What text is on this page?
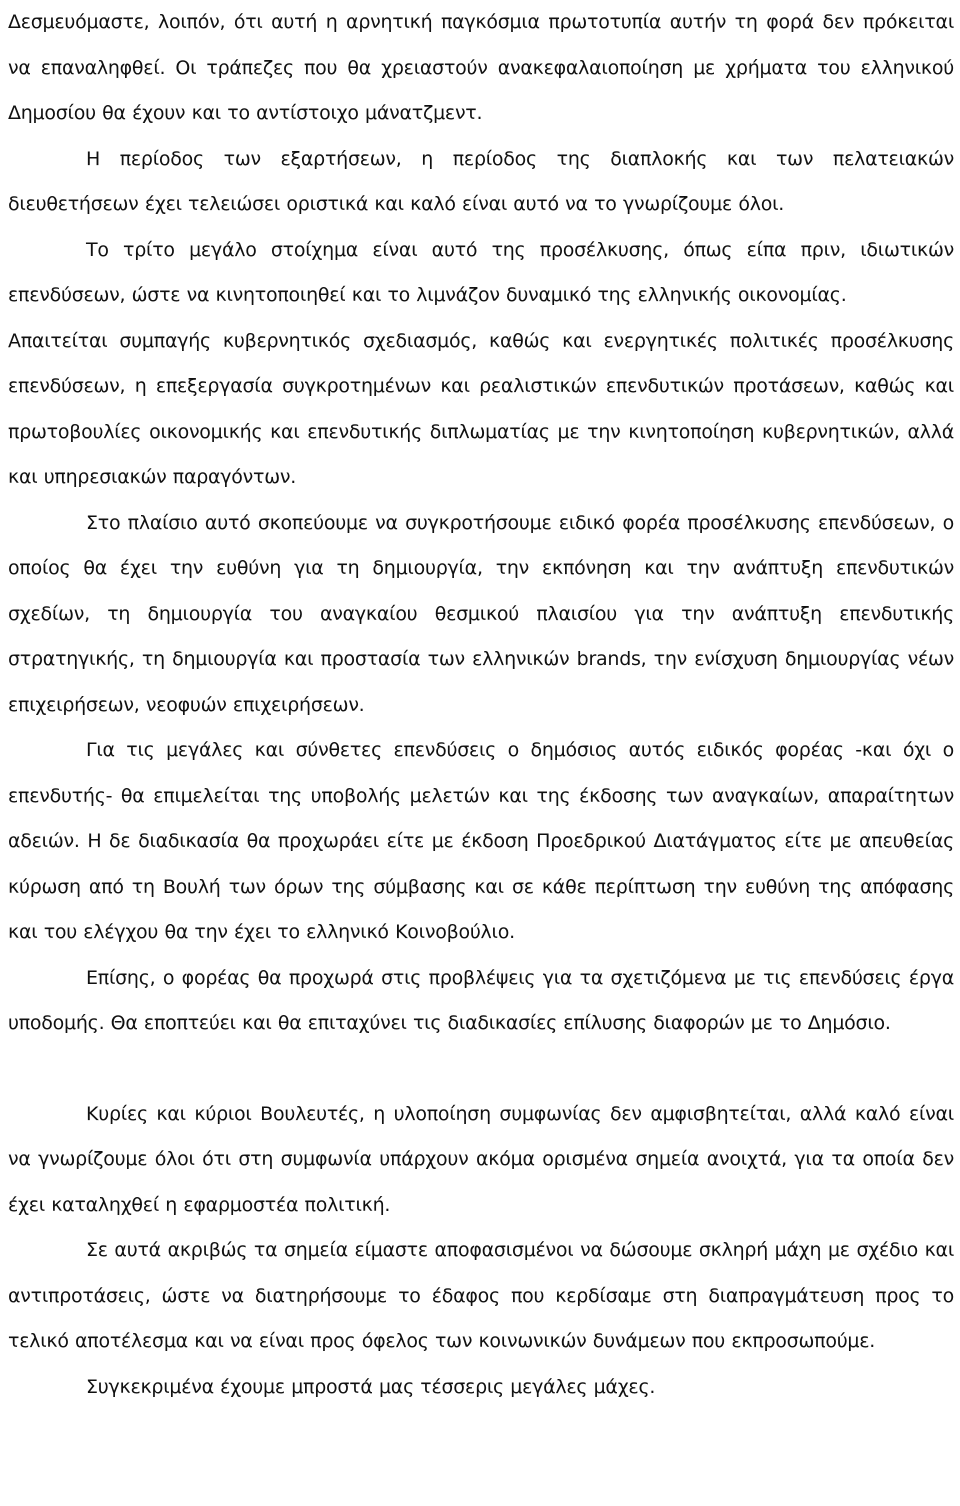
Δεσμευόμαστε, λοιπόν, ότι αυτή η αρνητική παγκόσμια πρωτοτυπία αυτήν τη φορά δεν πρόκειται να επαναληφθεί. Οι τράπεζες που θα χρειαστούν ανακεφαλαιοποίηση με χρήματα του ελληνικού Δημοσίου θα έχουν και το αντίστοιχο μάνατζμεντ.

Η περίοδος των εξαρτήσεων, η περίοδος της διαπλοκής και των πελατειακών διευθετήσεων έχει τελειώσει οριστικά και καλό είναι αυτό να το γνωρίζουμε όλοι.

Το τρίτο μεγάλο στοίχημα είναι αυτό της προσέλκυσης, όπως είπα πριν, ιδιωτικών επενδύσεων, ώστε να κινητοποιηθεί και το λιμνάζον δυναμικό της ελληνικής οικονομίας.

Απαιτείται συμπαγής κυβερνητικός σχεδιασμός, καθώς και ενεργητικές πολιτικές προσέλκυσης επενδύσεων, η επεξεργασία συγκροτημένων και ρεαλιστικών επενδυτικών προτάσεων, καθώς και πρωτοβουλίες οικονομικής και επενδυτικής διπλωματίας με την κινητοποίηση κυβερνητικών, αλλά και υπηρεσιακών παραγόντων.

Στο πλαίσιο αυτό σκοπεύουμε να συγκροτήσουμε ειδικό φορέα προσέλκυσης επενδύσεων, ο οποίος θα έχει την ευθύνη για τη δημιουργία, την εκπόνηση και την ανάπτυξη επενδυτικών σχεδίων, τη δημιουργία του αναγκαίου θεσμικού πλαισίου για την ανάπτυξη επενδυτικής στρατηγικής, τη δημιουργία και προστασία των ελληνικών brands, την ενίσχυση δημιουργίας νέων επιχειρήσεων, νεοφυών επιχειρήσεων.

Για τις μεγάλες και σύνθετες επενδύσεις ο δημόσιος αυτός ειδικός φορέας -και όχι ο επενδυτής- θα επιμελείται της υποβολής μελετών και της έκδοσης των αναγκαίων, απαραίτητων αδειών. Η δε διαδικασία θα προχωράει είτε με έκδοση Προεδρικού Διατάγματος είτε με απευθείας κύρωση από τη Βουλή των όρων της σύμβασης και σε κάθε περίπτωση την ευθύνη της απόφασης και του ελέγχου θα την έχει το ελληνικό Κοινοβούλιο.

Επίσης, ο φορέας θα προχωρά στις προβλέψεις για τα σχετιζόμενα με τις επενδύσεις έργα υποδομής. Θα εποπτεύει και θα επιταχύνει τις διαδικασίες επίλυσης διαφορών με το Δημόσιο.

Κυρίες και κύριοι Βουλευτές, η υλοποίηση συμφωνίας δεν αμφισβητείται, αλλά καλό είναι να γνωρίζουμε όλοι ότι στη συμφωνία υπάρχουν ακόμα ορισμένα σημεία ανοιχτά, για τα οποία δεν έχει καταληχθεί η εφαρμοστέα πολιτική.

Σε αυτά ακριβώς τα σημεία είμαστε αποφασισμένοι να δώσουμε σκληρή μάχη με σχέδιο και αντιπροτάσεις, ώστε να διατηρήσουμε το έδαφος που κερδίσαμε στη διαπραγμάτευση προς το τελικό αποτέλεσμα και να είναι προς όφελος των κοινωνικών δυνάμεων που εκπροσωπούμε.

Συγκεκριμένα έχουμε μπροστά μας τέσσερις μεγάλες μάχες.
